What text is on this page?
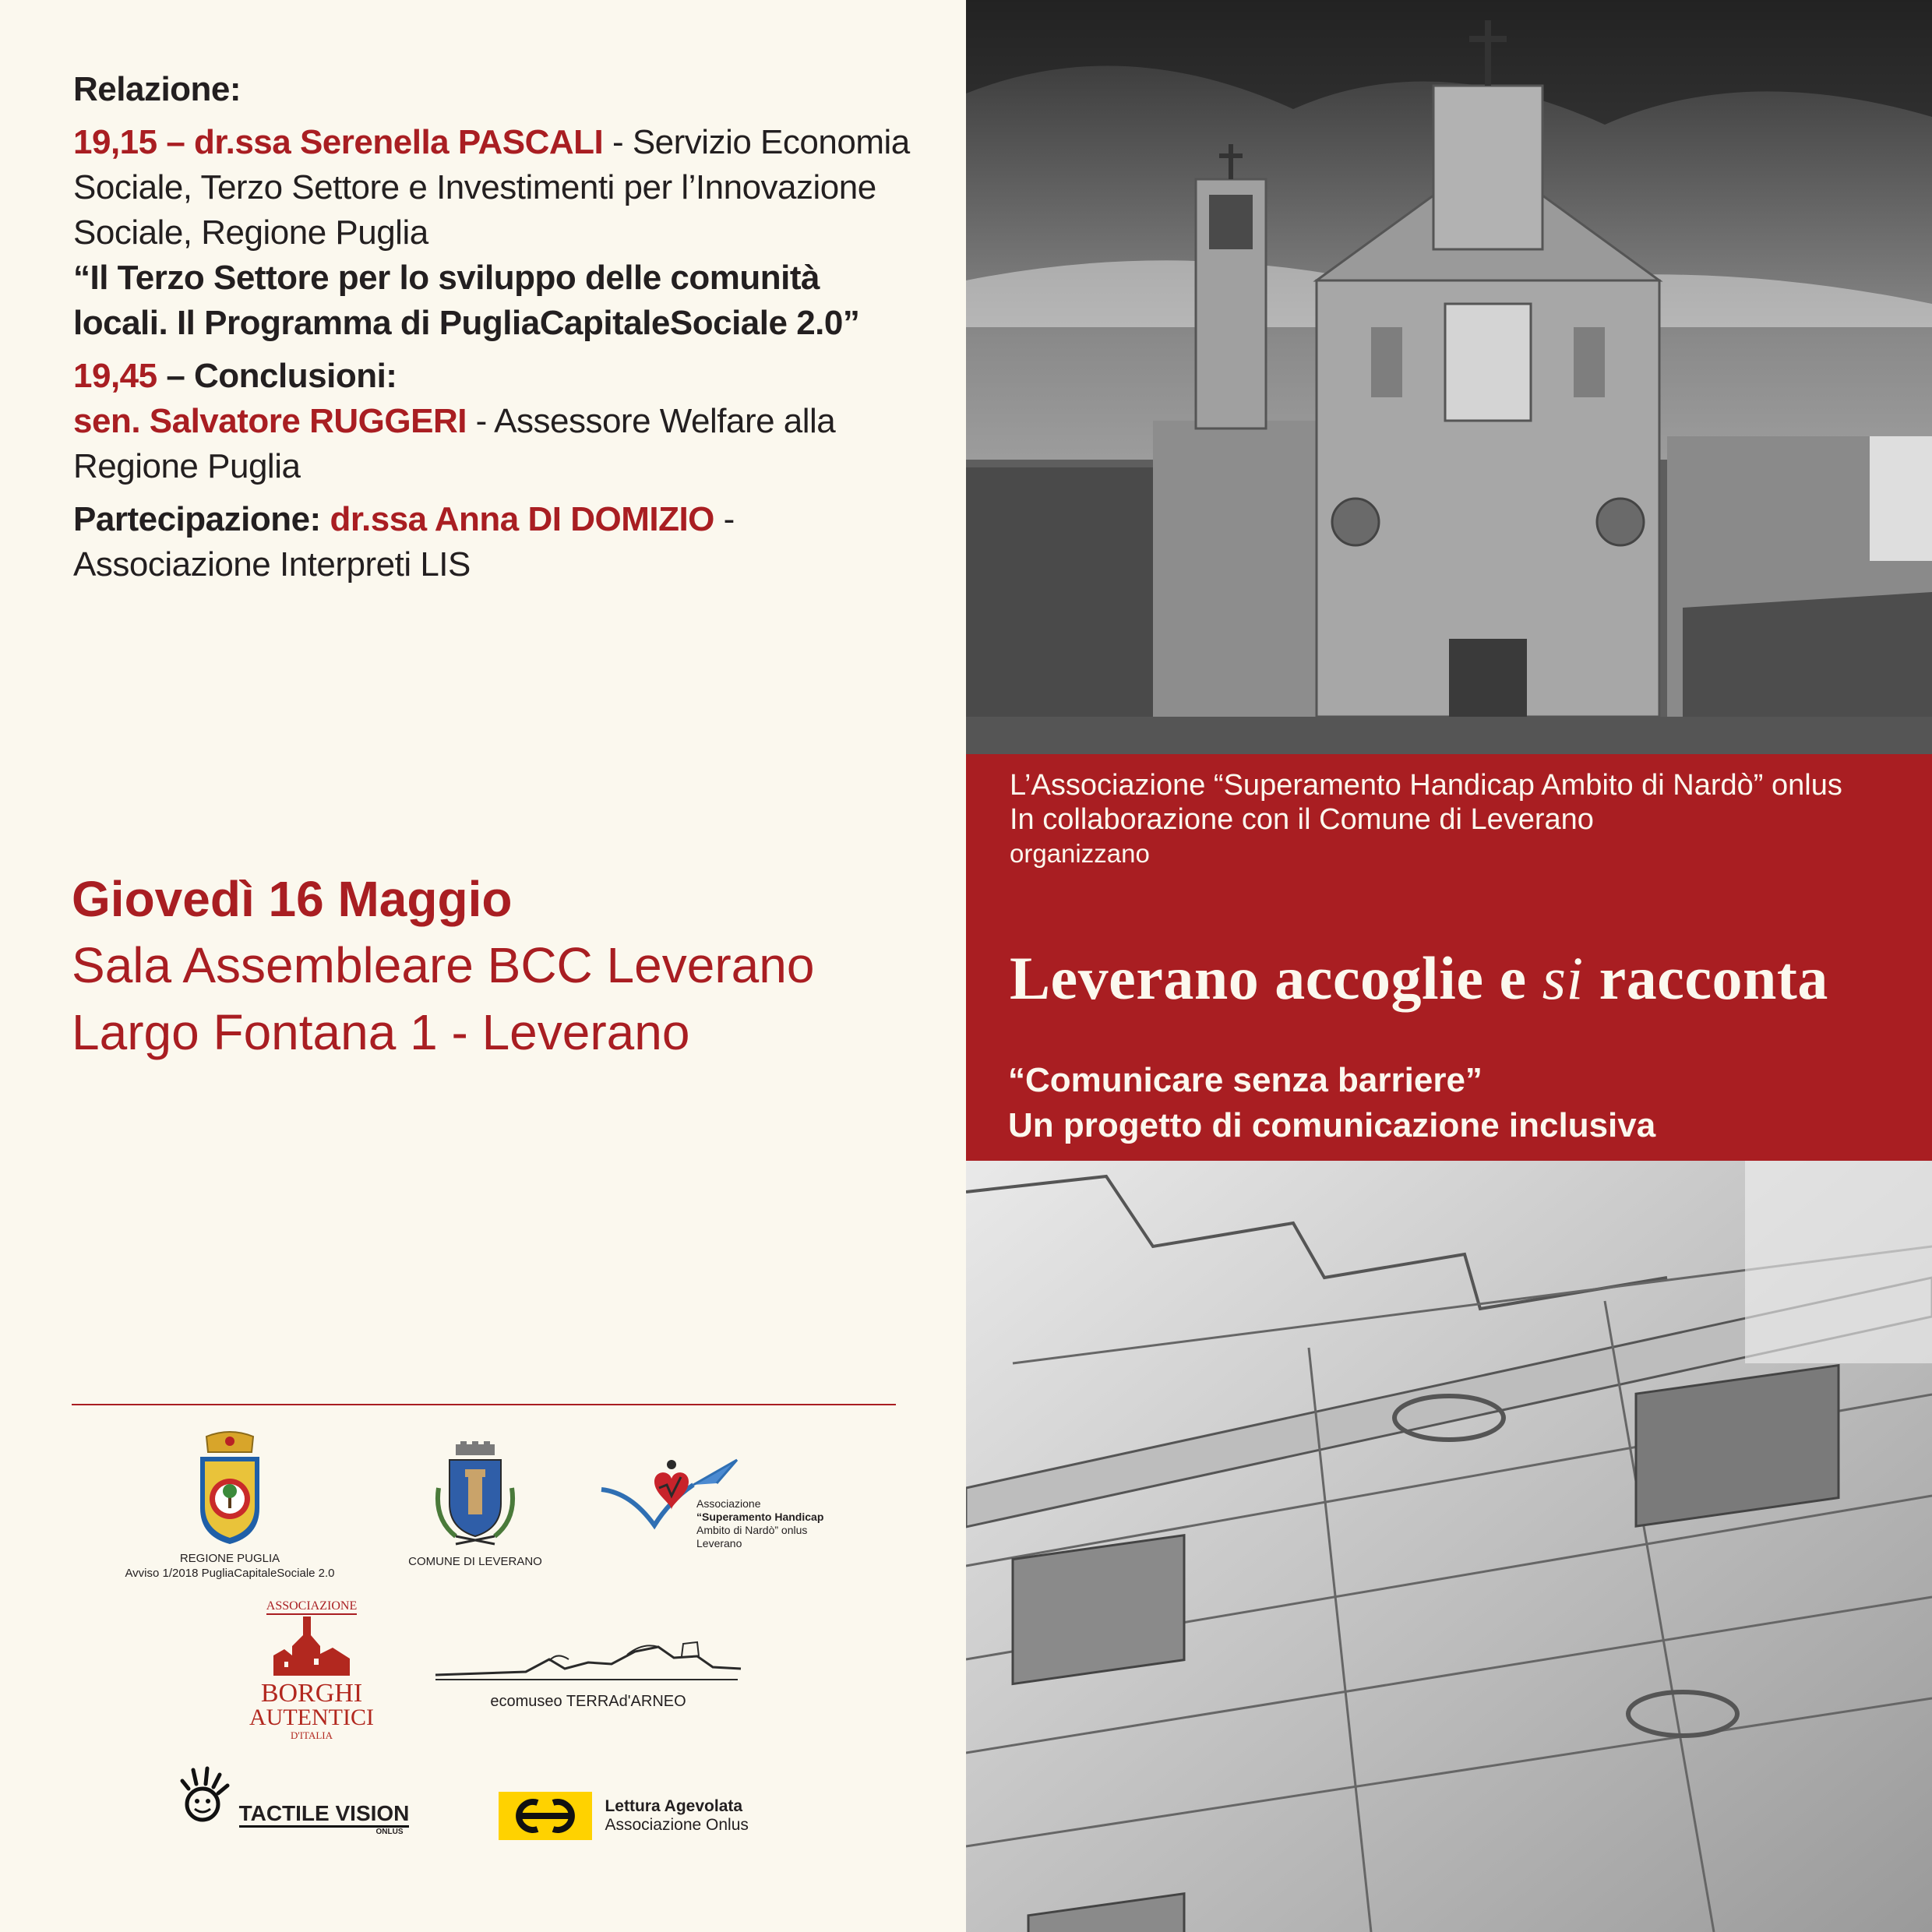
Relazione:

19,15 – dr.ssa Serenella PASCALI - Servizio Economia Sociale, Terzo Settore e Investimenti per l’Innovazione Sociale, Regione Puglia

“Il Terzo Settore per lo sviluppo delle comunità locali. Il Programma di PugliaCapitaleSociale 2.0”

19,45 – Conclusioni:

sen. Salvatore RUGGERI - Assessore Welfare alla Regione Puglia

Partecipazione: dr.ssa Anna DI DOMIZIO - Associazione Interpreti LIS

Giovedì 16 Maggio
Sala Assembleare BCC Leverano
Largo Fontana 1 - Leverano
REGIONE PUGLIA
Avviso 1/2018 PugliaCapitaleSociale 2.0
COMUNE DI LEVERANO
Associazione
“Superamento Handicap
Ambito di Nardò” onlus
Leverano
ASSOCIAZIONE
BORGHI
AUTENTICI
D'ITALIA
ecomuseo TERRAd'ARNEO
TACTILE VISION
ONLUS

Lettura Agevolata
Associazione Onlus
L’Associazione “Superamento Handicap Ambito di Nardò” onlus
In collaborazione con il Comune di Leverano
organizzano
Leverano accoglie e si racconta
“Comunicare senza barriere”
Un progetto di comunicazione inclusiva
